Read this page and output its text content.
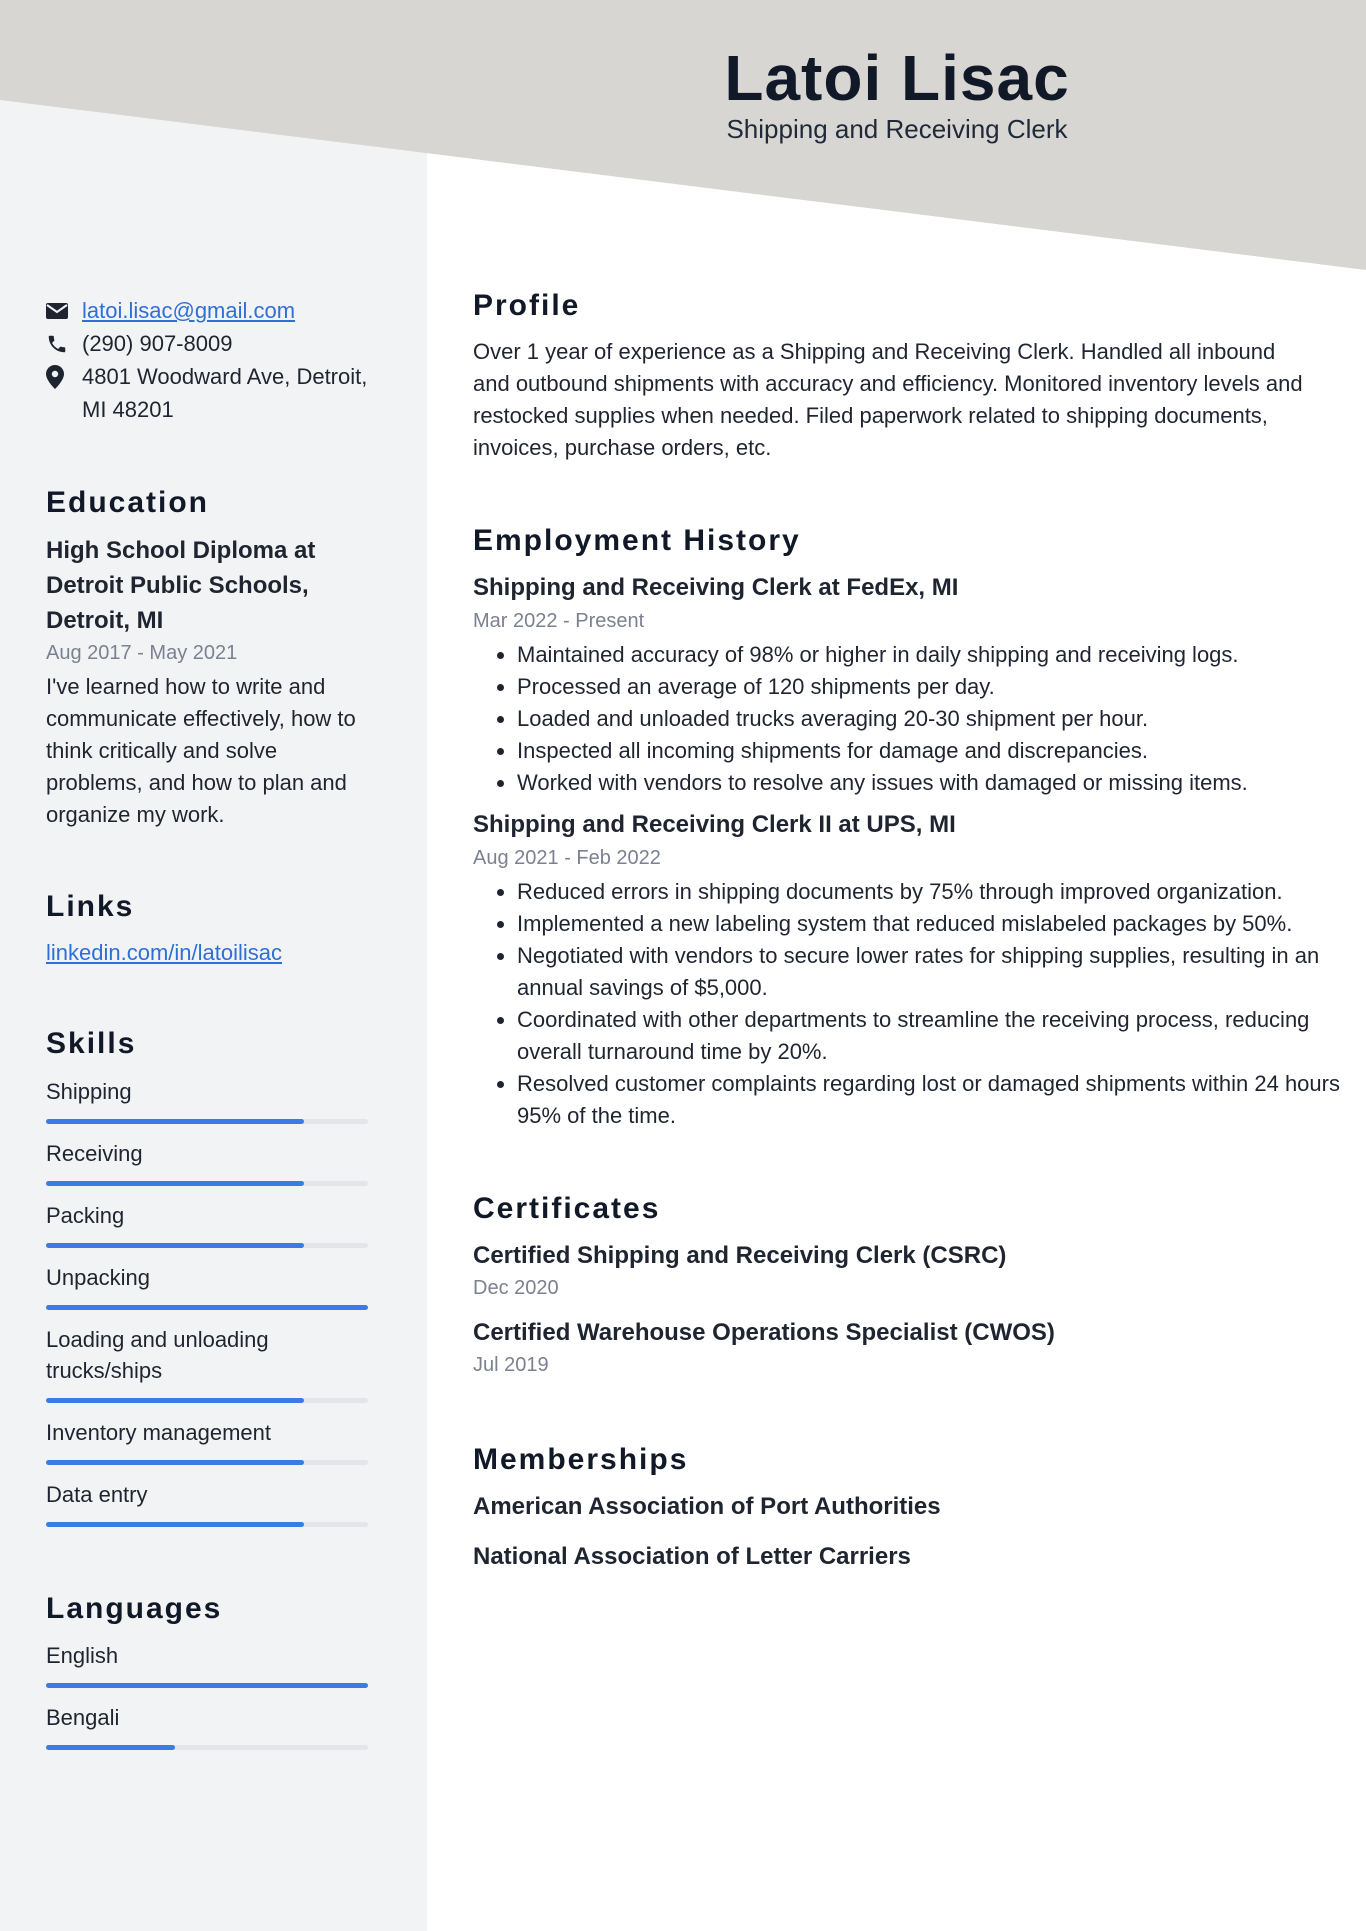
Latoi Lisac
Shipping and Receiving Clerk
latoi.lisac@gmail.com
(290) 907-8009
4801 Woodward Ave, Detroit,
MI 48201
Education
High School Diploma at
Detroit Public Schools,
Detroit, MI
Aug 2017 - May 2021
I've learned how to write and communicate effectively, how to think critically and solve problems, and how to plan and organize my work.
Links
linkedin.com/in/latoilisac
Skills
Shipping
Receiving
Packing
Unpacking
Loading and unloading trucks/ships
Inventory management
Data entry
Languages
English
Bengali
Profile
Over 1 year of experience as a Shipping and Receiving Clerk. Handled all inbound and outbound shipments with accuracy and efficiency. Monitored inventory levels and restocked supplies when needed. Filed paperwork related to shipping documents, invoices, purchase orders, etc.
Employment History
Shipping and Receiving Clerk at FedEx, MI
Mar 2022 - Present
• Maintained accuracy of 98% or higher in daily shipping and receiving logs.
• Processed an average of 120 shipments per day.
• Loaded and unloaded trucks averaging 20-30 shipment per hour.
• Inspected all incoming shipments for damage and discrepancies.
• Worked with vendors to resolve any issues with damaged or missing items.
Shipping and Receiving Clerk II at UPS, MI
Aug 2021 - Feb 2022
• Reduced errors in shipping documents by 75% through improved organization.
• Implemented a new labeling system that reduced mislabeled packages by 50%.
• Negotiated with vendors to secure lower rates for shipping supplies, resulting in an annual savings of $5,000.
• Coordinated with other departments to streamline the receiving process, reducing overall turnaround time by 20%.
• Resolved customer complaints regarding lost or damaged shipments within 24 hours 95% of the time.
Certificates
Certified Shipping and Receiving Clerk (CSRC)
Dec 2020
Certified Warehouse Operations Specialist (CWOS)
Jul 2019
Memberships
American Association of Port Authorities
National Association of Letter Carriers
